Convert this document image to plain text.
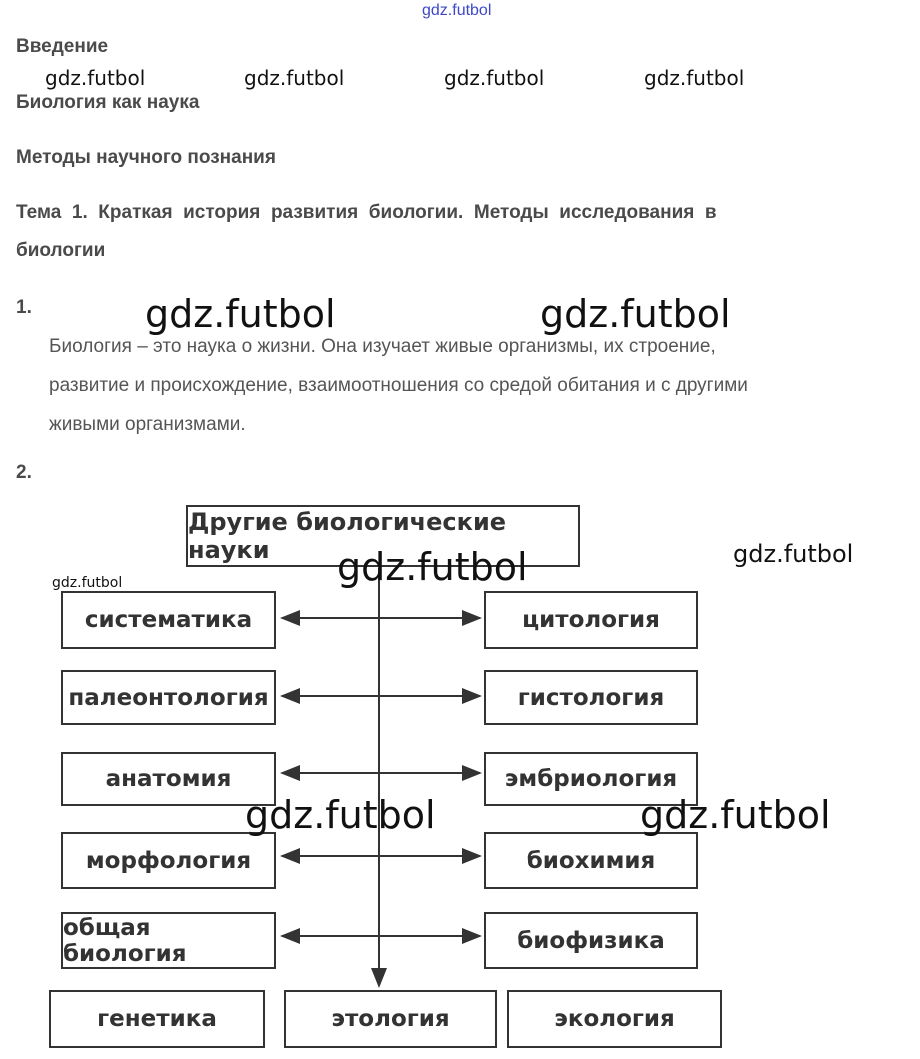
gdz.futbol
gdz.futbol	gdz.futbol	gdz.futbol	gdz.futbol
Введение
Биология как наука
Методы научного познания
Тема  1.  Краткая  история  развития  биологии.  Методы  исследования  в
биологии
1.	gdz.futbol	gdz.futbol
Биология – это наука о жизни. Она изучает живые организмы, их строение,
развитие и происхождение, взаимоотношения со средой обитания и с другими
живыми организмами.
2.
Другие биологические науки
систематика
палеонтология
анатомия
морфология
общая биология
цитология
гистология
эмбриология
биохимия
биофизика
генетика	этология	экология
gdz.futbol	gdz.futbol
gdz.futbol
gdz.futbol	gdz.futbol
